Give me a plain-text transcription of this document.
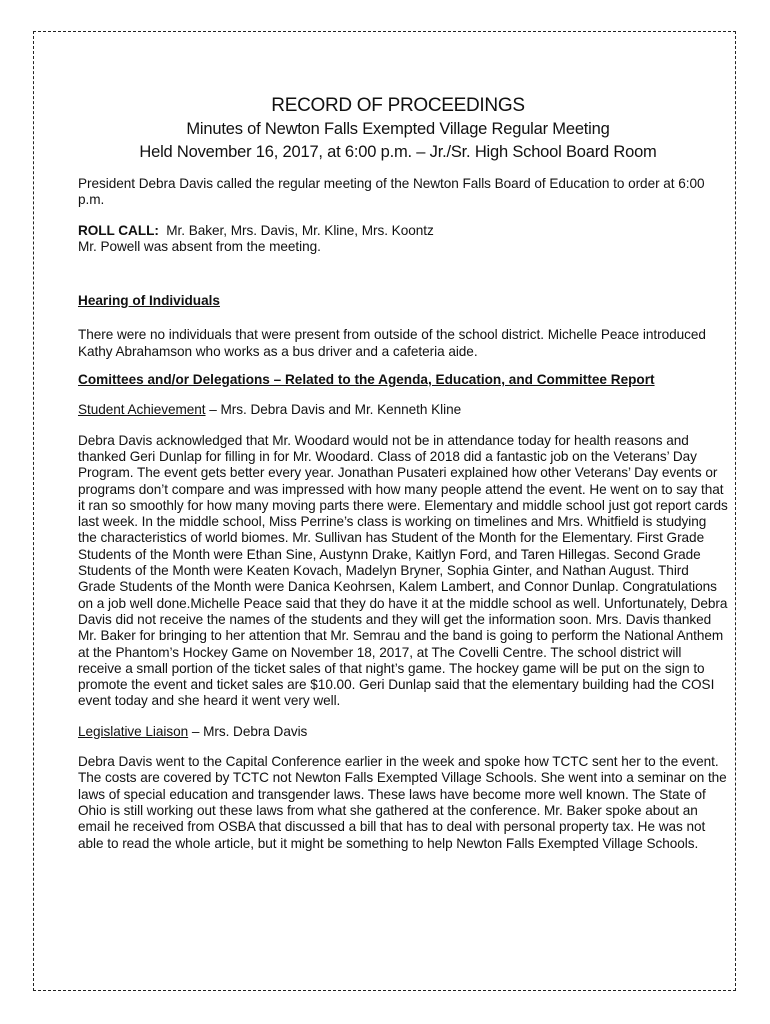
RECORD OF PROCEEDINGS
Minutes of Newton Falls Exempted Village Regular Meeting
Held November 16, 2017, at 6:00 p.m. – Jr./Sr. High School Board Room

President Debra Davis called the regular meeting of the Newton Falls Board of Education to order at 6:00 p.m.

ROLL CALL: Mr. Baker, Mrs. Davis, Mr. Kline, Mrs. Koontz
Mr. Powell was absent from the meeting.

Hearing of Individuals

There were no individuals that were present from outside of the school district. Michelle Peace introduced Kathy Abrahamson who works as a bus driver and a cafeteria aide.

Comittees and/or Delegations – Related to the Agenda, Education, and Committee Report

Student Achievement – Mrs. Debra Davis and Mr. Kenneth Kline

Debra Davis acknowledged that Mr. Woodard would not be in attendance today for health reasons and thanked Geri Dunlap for filling in for Mr. Woodard. Class of 2018 did a fantastic job on the Veterans’ Day Program. The event gets better every year. Jonathan Pusateri explained how other Veterans’ Day events or programs don’t compare and was impressed with how many people attend the event. He went on to say that it ran so smoothly for how many moving parts there were. Elementary and middle school just got report cards last week. In the middle school, Miss Perrine’s class is working on timelines and Mrs. Whitfield is studying the characteristics of world biomes. Mr. Sullivan has Student of the Month for the Elementary. First Grade Students of the Month were Ethan Sine, Austynn Drake, Kaitlyn Ford, and Taren Hillegas. Second Grade Students of the Month were Keaten Kovach, Madelyn Bryner, Sophia Ginter, and Nathan August. Third Grade Students of the Month were Danica Keohrsen, Kalem Lambert, and Connor Dunlap. Congratulations on a job well done.Michelle Peace said that they do have it at the middle school as well. Unfortunately, Debra Davis did not receive the names of the students and they will get the information soon. Mrs. Davis thanked Mr. Baker for bringing to her attention that Mr. Semrau and the band is going to perform the National Anthem at the Phantom’s Hockey Game on November 18, 2017, at The Covelli Centre. The school district will receive a small portion of the ticket sales of that night’s game. The hockey game will be put on the sign to promote the event and ticket sales are $10.00. Geri Dunlap said that the elementary building had the COSI event today and she heard it went very well.

Legislative Liaison – Mrs. Debra Davis

Debra Davis went to the Capital Conference earlier in the week and spoke how TCTC sent her to the event. The costs are covered by TCTC not Newton Falls Exempted Village Schools. She went into a seminar on the laws of special education and transgender laws. These laws have become more well known. The State of Ohio is still working out these laws from what she gathered at the conference. Mr. Baker spoke about an email he received from OSBA that discussed a bill that has to deal with personal property tax. He was not able to read the whole article, but it might be something to help Newton Falls Exempted Village Schools.
